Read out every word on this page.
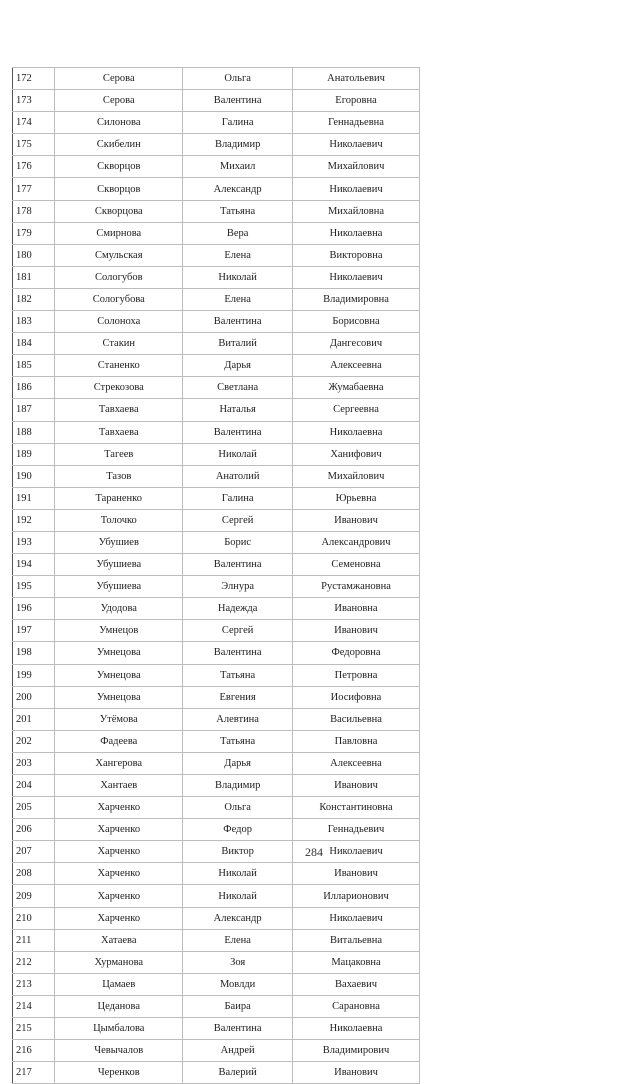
172	Серова	Ольга	Анатольевич
173	Серова	Валентина	Егоровна
174	Силонова	Галина	Геннадьевна
175	Скибелин	Владимир	Николаевич
176	Скворцов	Михаил	Михайлович
177	Скворцов	Александр	Николаевич
178	Скворцова	Татьяна	Михайловна
179	Смирнова	Вера	Николаевна
180	Смульская	Елена	Викторовна
181	Сологубов	Николай	Николаевич
182	Сологубова	Елена	Владимировна
183	Солоноха	Валентина	Борисовна
184	Стакин	Виталий	Дангесович
185	Станенко	Дарья	Алексеевна
186	Стрекозова	Светлана	Жумабаевна
187	Тавхаева	Наталья	Сергеевна
188	Тавхаева	Валентина	Николаевна
189	Тагеев	Николай	Ханифович
190	Тазов	Анатолий	Михайлович
191	Тараненко	Галина	Юрьевна
192	Толочко	Сергей	Иванович
193	Убушиев	Борис	Александрович
194	Убушиева	Валентина	Семеновна
195	Убушиева	Элнура	Рустамжановна
196	Удодова	Надежда	Ивановна
197	Умнецов	Сергей	Иванович
198	Умнецова	Валентина	Федоровна
199	Умнецова	Татьяна	Петровна
200	Умнецова	Евгения	Иосифовна
201	Утёмова	Алевтина	Васильевна
202	Фадеева	Татьяна	Павловна
203	Хангерова	Дарья	Алексеевна
204	Хантаев	Владимир	Иванович
205	Харченко	Ольга	Константиновна
206	Харченко	Федор	Геннадьевич
207	Харченко	Виктор	Николаевич
208	Харченко	Николай	Иванович
209	Харченко	Николай	Илларионович
210	Харченко	Александр	Николаевич
211	Хатаева	Елена	Витальевна
212	Хурманова	Зоя	Мацаковна
213	Цамаев	Мовлди	Вахаевич
214	Цеданова	Баира	Сарановна
215	Цымбалова	Валентина	Николаевна
216	Чевычалов	Андрей	Владимирович
217	Черенков	Валерий	Иванович
284
